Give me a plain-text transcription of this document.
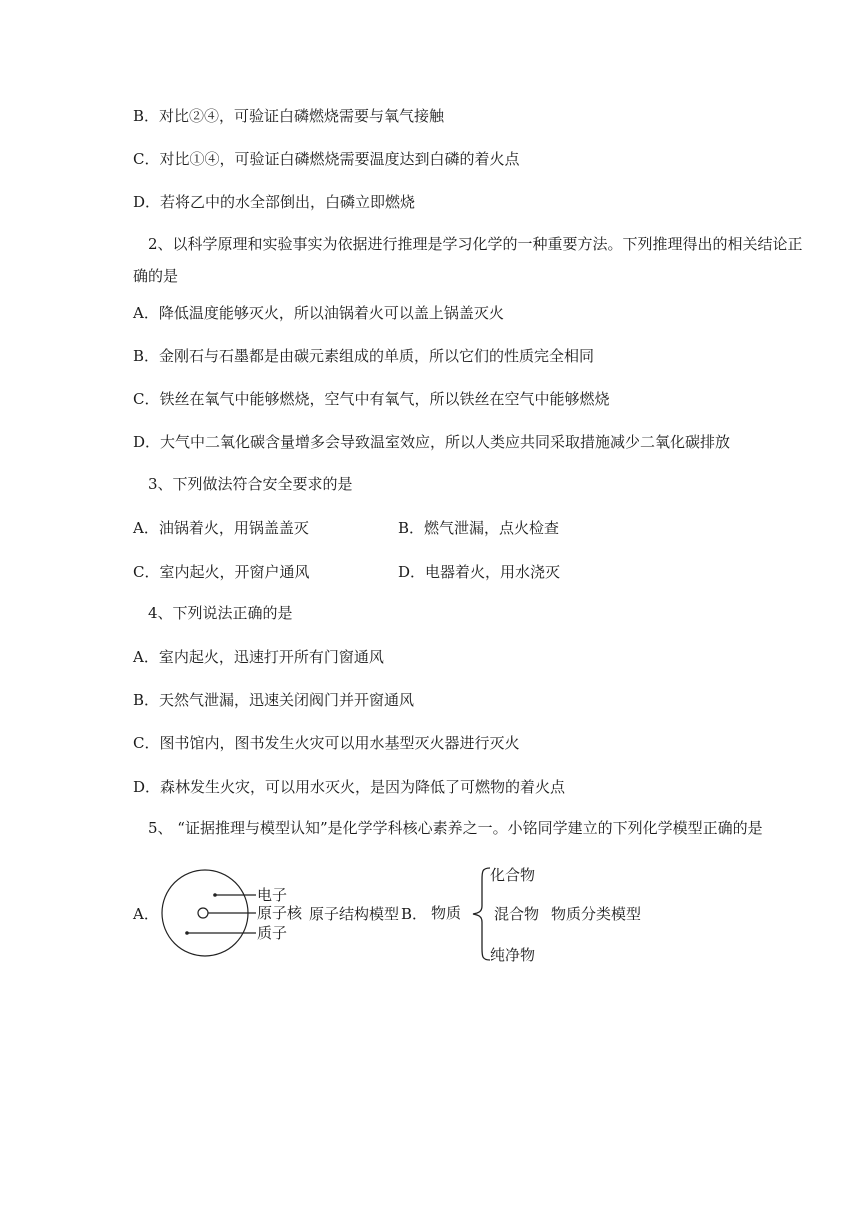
B．对比②④，可验证白磷燃烧需要与氧气接触
C．对比①④，可验证白磷燃烧需要温度达到白磷的着火点
D．若将乙中的水全部倒出，白磷立即燃烧
2、以科学原理和实验事实为依据进行推理是学习化学的一种重要方法。下列推理得出的相关结论正确的是
A．降低温度能够灭火，所以油锅着火可以盖上锅盖灭火
B．金刚石与石墨都是由碳元素组成的单质，所以它们的性质完全相同
C．铁丝在氧气中能够燃烧，空气中有氧气，所以铁丝在空气中能够燃烧
D．大气中二氧化碳含量增多会导致温室效应，所以人类应共同采取措施减少二氧化碳排放
3、下列做法符合安全要求的是
A．油锅着火，用锅盖盖灭	B．燃气泄漏，点火检查
C．室内起火，开窗户通风	D．电器着火，用水浇灭
4、下列说法正确的是
A．室内起火，迅速打开所有门窗通风
B．天然气泄漏，迅速关闭阀门并开窗通风
C．图书馆内，图书发生火灾可以用水基型灭火器进行灭火
D．森林发生火灾，可以用水灭火，是因为降低了可燃物的着火点
5、 “证据推理与模型认知”是化学学科核心素养之一。小铭同学建立的下列化学模型正确的是
A．
电子
原子核
质子
原子结构模型 B． 物质
化合物
混合物
纯净物
物质分类模型
